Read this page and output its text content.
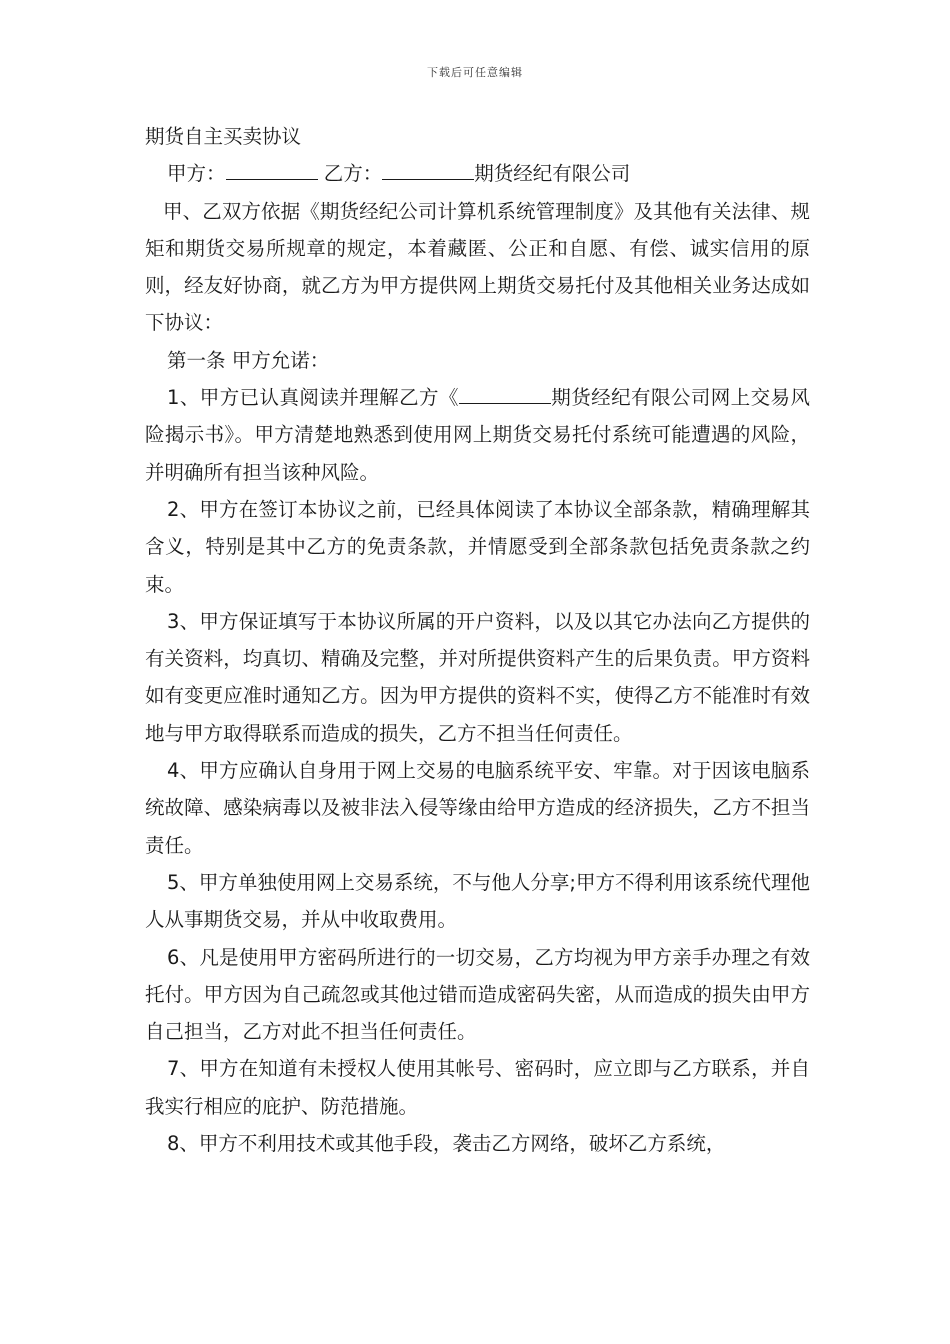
下载后可任意编辑

期货自主买卖协议

甲方：	乙方：	期货经纪有限公司

甲、乙双方依据《期货经纪公司计算机系统管理制度》及其他有关法律、规矩和期货交易所规章的规定，本着藏匿、公正和自愿、有偿、诚实信用的原则，经友好协商，就乙方为甲方提供网上期货交易托付及其他相关业务达成如下协议：

第一条 甲方允诺：

1、甲方已认真阅读并理解乙方《	期货经纪有限公司网上交易风险揭示书》。甲方清楚地熟悉到使用网上期货交易托付系统可能遭遇的风险，并明确所有担当该种风险。

2、甲方在签订本协议之前，已经具体阅读了本协议全部条款，精确理解其含义，特别是其中乙方的免责条款，并情愿受到全部条款包括免责条款之约束。

3、甲方保证填写于本协议所属的开户资料，以及以其它办法向乙方提供的有关资料，均真切、精确及完整，并对所提供资料产生的后果负责。甲方资料如有变更应准时通知乙方。因为甲方提供的资料不实，使得乙方不能准时有效地与甲方取得联系而造成的损失，乙方不担当任何责任。

4、甲方应确认自身用于网上交易的电脑系统平安、牢靠。对于因该电脑系统故障、感染病毒以及被非法入侵等缘由给甲方造成的经济损失，乙方不担当责任。

5、甲方单独使用网上交易系统，不与他人分享;甲方不得利用该系统代理他人从事期货交易，并从中收取费用。

6、凡是使用甲方密码所进行的一切交易，乙方均视为甲方亲手办理之有效托付。甲方因为自己疏忽或其他过错而造成密码失密，从而造成的损失由甲方自己担当，乙方对此不担当任何责任。

7、甲方在知道有未授权人使用其帐号、密码时，应立即与乙方联系，并自我实行相应的庇护、防范措施。

8、甲方不利用技术或其他手段，袭击乙方网络，破坏乙方系统，
